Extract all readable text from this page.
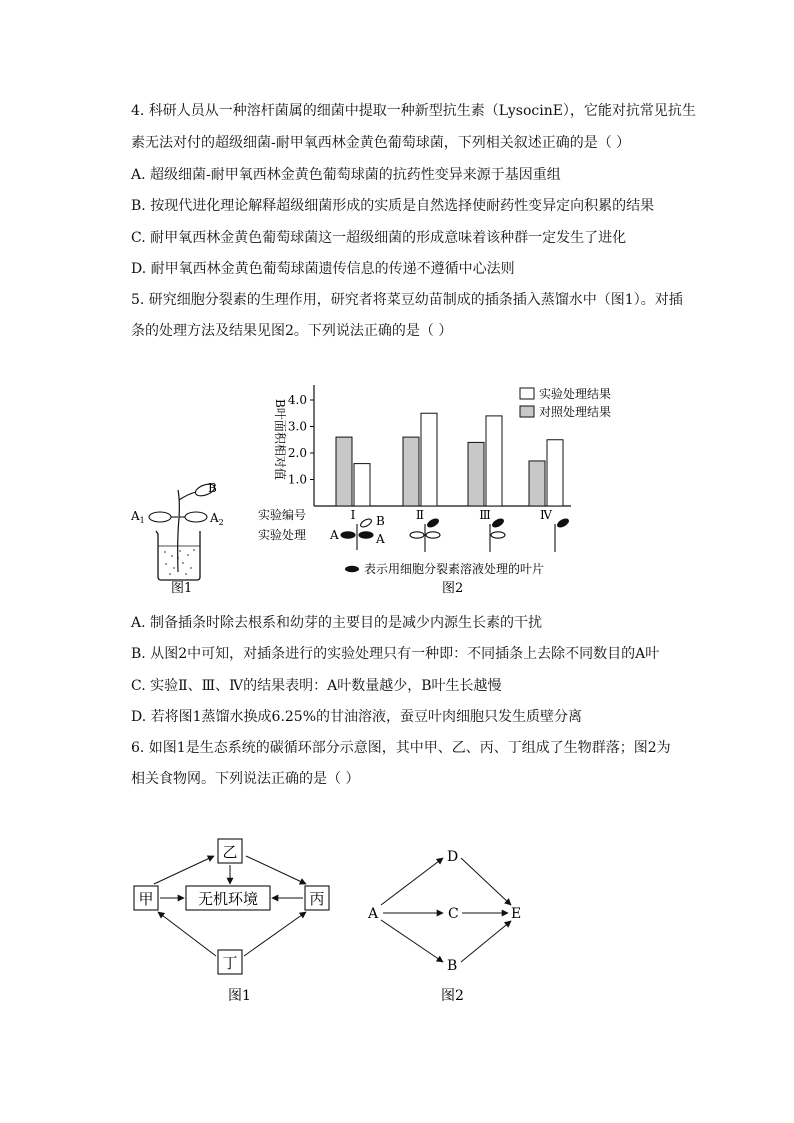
4. 科研人员从一种溶杆菌属的细菌中提取一种新型抗生素（LysocinE），它能对抗常见抗生
素无法对付的超级细菌-耐甲氧西林金黄色葡萄球菌，下列相关叙述正确的是（ ）
A. 超级细菌-耐甲氧西林金黄色葡萄球菌的抗药性变异来源于基因重组
B. 按现代进化理论解释超级细菌形成的实质是自然选择使耐药性变异定向积累的结果
C. 耐甲氧西林金黄色葡萄球菌这一超级细菌的形成意味着该种群一定发生了进化
D. 耐甲氧西林金黄色葡萄球菌遗传信息的传递不遵循中心法则
5. 研究细胞分裂素的生理作用，研究者将菜豆幼苗制成的插条插入蒸馏水中（图1）。对插
条的处理方法及结果见图2。下列说法正确的是（ ）
B
$A_1$	$A_2$
图1
B叶面积相对值 1.0
2.0
3.0
4.0
Ⅰ	Ⅱ	Ⅲ	Ⅳ
实验处理结果
对照处理结果
实验编号
实验处理 A
B
A
表示用细胞分裂素溶液处理的叶片
图2
乙
甲	无机环境	丙
丁
图1
A
D
C
B
E
图2
A. 制备插条时除去根系和幼芽的主要目的是减少内源生长素的干扰
B. 从图2中可知，对插条进行的实验处理只有一种即：不同插条上去除不同数目的A叶
C. 实验Ⅱ、Ⅲ、Ⅳ的结果表明：A叶数量越少，B叶生长越慢
D. 若将图1蒸馏水换成6.25%的甘油溶液，蚕豆叶肉细胞只发生质壁分离
6. 如图1是生态系统的碳循环部分示意图，其中甲、乙、丙、丁组成了生物群落；图2为
相关食物网。下列说法正确的是（ ）
